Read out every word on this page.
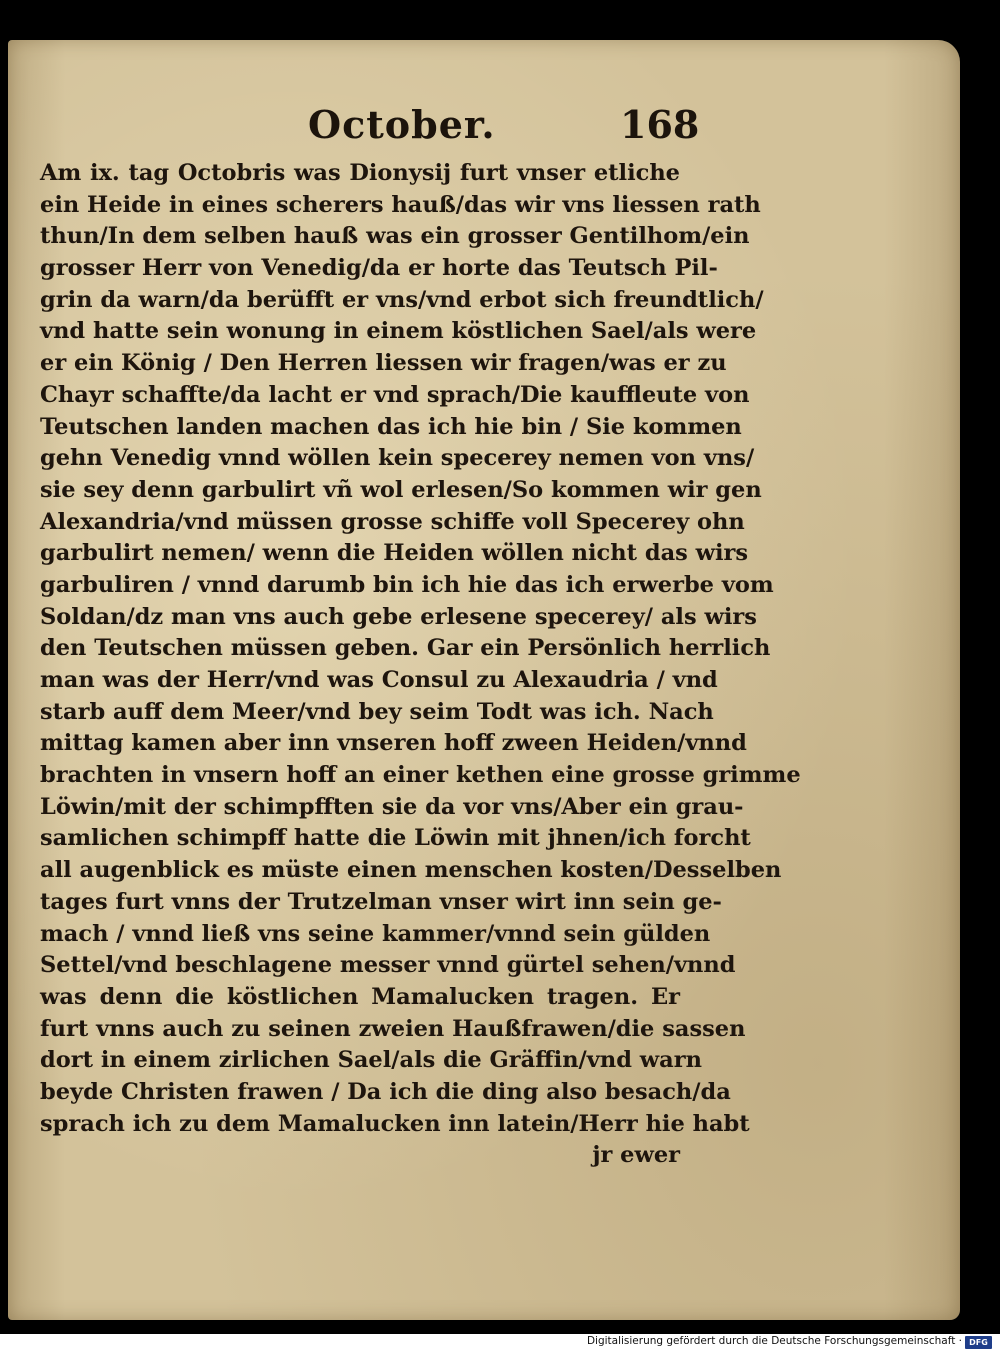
October.	168
Am ix. tag Octobris was Dionysij furt vnser etliche
ein Heide in eines scherers hauß/das wir vns liessen rath
thun/In dem selben hauß was ein grosser Gentilhom/ein
grosser Herr von Venedig/da er horte das Teutsch Pil-
grin da warn/da berüfft er vns/vnd erbot sich freundtlich/
vnd hatte sein wonung in einem köstlichen Sael/als were
er ein König / Den Herren liessen wir fragen/was er zu
Chayr schaffte/da lacht er vnd sprach/Die kauffleute von
Teutschen landen machen das ich hie bin / Sie kommen
gehn Venedig vnnd wöllen kein specerey nemen von vns/
sie sey denn garbulirt vñ wol erlesen/So kommen wir gen
Alexandria/vnd müssen grosse schiffe voll Specerey ohn
garbulirt nemen/ wenn die Heiden wöllen nicht das wirs
garbuliren / vnnd darumb bin ich hie das ich erwerbe vom
Soldan/dz man vns auch gebe erlesene specerey/ als wirs
den Teutschen müssen geben. Gar ein Persönlich herrlich
man was der Herr/vnd was Consul zu Alexaudria / vnd
starb auff dem Meer/vnd bey seim Todt was ich. Nach
mittag kamen aber inn vnseren hoff zween Heiden/vnnd
brachten in vnsern hoff an einer kethen eine grosse grimme
Löwin/mit der schimpfften sie da vor vns/Aber ein grau-
samlichen schimpff hatte die Löwin mit jhnen/ich forcht
all augenblick es müste einen menschen kosten/Desselben
tages furt vnns der Trutzelman vnser wirt inn sein ge-
mach / vnnd ließ vns seine kammer/vnnd sein gülden
Settel/vnd beschlagene messer vnnd gürtel sehen/vnnd
was denn die köstlichen Mamalucken tragen. Er
furt vnns auch zu seinen zweien Haußfrawen/die sassen
dort in einem zirlichen Sael/als die Gräffin/vnd warn
beyde Christen frawen / Da ich die ding also besach/da
sprach ich zu dem Mamalucken inn latein/Herr hie habt
jr ewer
Digitalisierung gefördert durch die Deutsche Forschungsgemeinschaft · DFG
